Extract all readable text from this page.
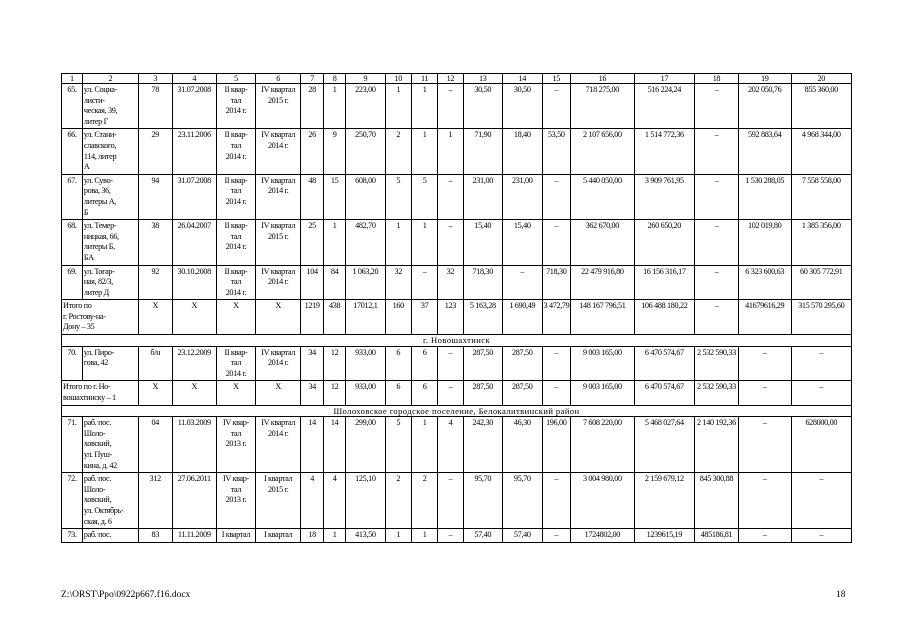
1	2	3	4	5	6	7	8	9	10	11	12	13	14	15	16	17	18	19	20
65.	ул. Социа-
листи-
ческая, 39,
литер Г	78	31.07.2008	II квар-
тал
2014 г.	IV квартал
2015 г.	28	1	223,00	1	1	–	30,50	30,50	–	718 275,00	516 224,24	–	202 050,76	855 360,00
66.	ул. Стани-
славского,
114, литер
А	29	23.11.2006	II квар-
тал
2014 г.	IV квартал
2014 г.	26	9	250,70	2	1	1	71,90	18,40	53,50	2 107 656,00	1 514 772,36	–	592 883,64	4 968 344,00
67.	ул. Суво-
рова, 36,
литеры А,
Б	94	31.07.2008	II квар-
тал
2014 г.	IV квартал
2014 г.	48	15	608,00	5	5	–	231,00	231,00	–	5 440 050,00	3 909 761,95	–	1 530 288,05	7 558 558,00
68.	ул. Темер-
ницкая, 66,
литеры Б,
БА	38	26.04.2007	II квар-
тал
2014 г.	IV квартал
2015 г.	25	1	482,70	1	1	–	15,40	15,40	–	362 670,00	260 650,20	–	102 019,80	1 385 356,00
69.	ул. Тоғар-
ная, 82/3,
литер Д	92	30.10.2008	II квар-
тал
2014 г.	IV квартал
2014 г.	104	84	1 063,20	32	–	32	718,30	–	718,30	22 479 916,80	16 156 316,17	–	6 323 600,63	60 305 772,91
Итого по
г. Ростову-на-
Дону – 35		Х	Х	Х	Х	1219	438	17012,1	160	37	123	5 163,28	1 690,49	3 472,79	148 167 796,51	106 488 180,22	–	41679616,29	315 570 295,60
г. Новошахтинск																			
70.	ул. Пиро-
гова, 42	б/н	23.12.2009	II квар-
тал
2014 г.	IV квартал
2014 г.	34	12	933,00	6	6	–	287,50	287,50	–	9 003 165,00	6 470 574,67	2 532 590,33	–	–
Итого по г. Но-
вошахтинску – 1		Х	Х	Х	Х	34	12	933,00	6	6	–	287,50	287,50	–	9 003 165,00	6 470 574,67	2 532 590,33	–	–
Шолоховское городское поселение, Белокалитвинский район																			
71.	раб. пос.
Шоло-
ховский,
ул. Пуш-
кина, д. 42	04	11.03.2009	IV квар-
тал
2013 г.	IV квартал
2014 г.	14	14	299,00	5	1	4	242,30	46,30	196,00	7 608 220,00	5 468 027,64	2 140 192,36	–	628000,00
72.	раб. пос.
Шоло-
ховский,
ул. Октябрь-
ская, д. 6	312	27.06.2011	IV квар-
тал
2013 г.	I квартал
2015 г.	4	4	125,10	2	2	–	95,70	95,70	–	3 004 980,00	2 159 679,12	845 300,88	–	–
73.	раб. пос.	83	11.11.2009	I квартал	I квартал	18	1	413,50	1	1	–	57,40	57,40	–	1724802,00	1239615,19	485186,81	–	–
Z:\ORST\Ppo\0922p667.f16.docx	18
